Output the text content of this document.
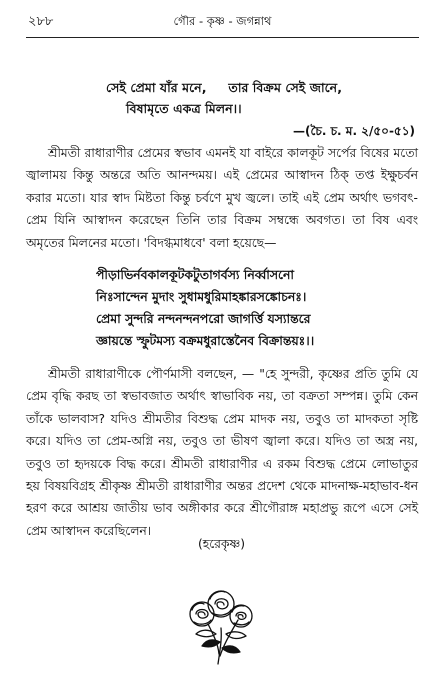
২৮৮	গৌর - কৃষ্ণ - জগন্নাথ
সেই প্রেমা যাঁর মনে,     তার বিক্রম সেই জানে,
বিষামৃতে একত্র মিলন।।
—(চৈ. চ. ম. ২/৫০-৫১)

শ্রীমতী রাধারাণীর প্রেমের স্বভাব এমনই যা বাইরে কালকূট সর্পের বিষের মতো জ্বালাময় কিন্তু অন্তরে অতি আনন্দময়। এই প্রেমের আস্বাদন ঠিক্‌ তপ্ত ইক্ষুচর্বন করার মতো। যার স্বাদ মিষ্টতা কিন্তু চর্বণে মুখ জ্বলে। তাই এই প্রেম অর্থাৎ ভগবৎ-প্রেম যিনি আস্বাদন করেছেন তিনি তার বিক্রম সম্বন্ধে অবগত। তা বিষ এবং অমৃতের মিলনের মতো। 'বিদগ্ধমাধবে' বলা হয়েছে—

পীড়াভির্নবকালকূটকটুতাগর্বস্য নির্ব্বাসনো
নিঃসান্দেন মুদাং সুধামধুরিমাহঙ্কারসঙ্কোচনঃ।
প্রেমা সুন্দরি নন্দনন্দনপরো জাগর্ত্তি যস্যান্তরে
জ্ঞায়ন্তে স্ফুটমস্য বক্রমধুরাস্তেনৈব বিক্রান্তয়ঃ।।

শ্রীমতী রাধারাণীকে পৌর্ণমাসী বলছেন, — "হে সুন্দরী, কৃষ্ণের প্রতি তুমি যে প্রেম বৃদ্ধি করছ তা স্বভাবজাত অর্থাৎ স্বাভাবিক নয়, তা বক্রতা সম্পন্ন। তুমি কেন তাঁকে ভালবাস? যদিও শ্রীমতীর বিশুদ্ধ প্রেম মাদক নয়, তবুও তা মাদকতা সৃষ্টি করে। যদিও তা প্রেম-অগ্নি নয়, তবুও তা ভীষণ জ্বালা করে। যদিও তা অস্ত্র নয়, তবুও তা হৃদয়কে বিদ্ধ করে। শ্রীমতী রাধারাণীর এ রকম বিশুদ্ধ প্রেমে লোভাতুর হয় বিষয়বিগ্রহ শ্রীকৃষ্ণ শ্রীমতী রাধারাণীর অন্তর প্রদেশ থেকে মাদনাক্ষ-মহাভাব-ধন হরণ করে আশ্রয় জাতীয় ভাব অঙ্গীকার করে শ্রীগৌরাঙ্গ মহাপ্রভু রূপে এসে সেই প্রেম আস্বাদন করেছিলেন।

(হরেকৃষ্ণ)
